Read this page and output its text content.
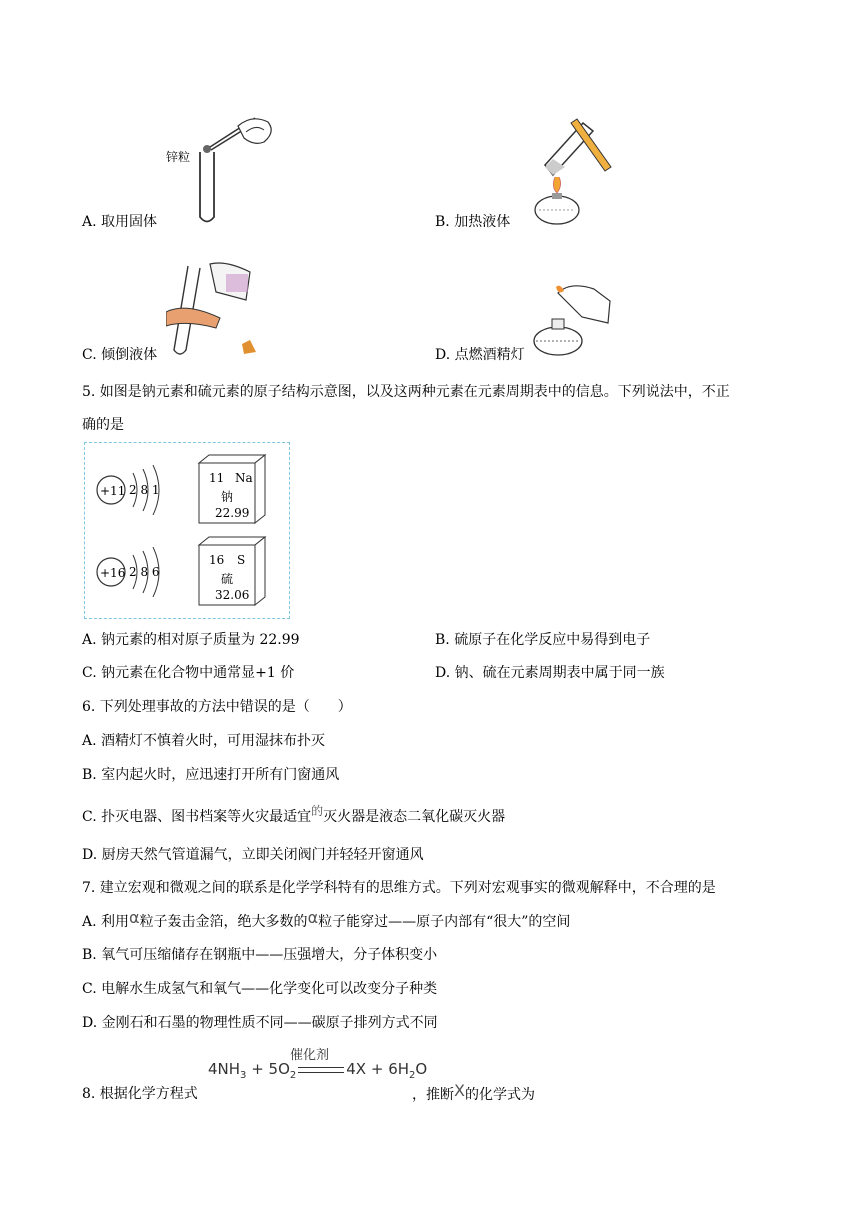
锌粒
A. 取用固体	B. 加热液体
C. 倾倒液体	D. 点燃酒精灯
5. 如图是钠元素和硫元素的原子结构示意图，以及这两种元素在元素周期表中的信息。下列说法中，不正
确的是
+11 2 8 1
11 Na
钠
22.99
+16 2 8 6
16 S
硫
32.06
A. 钠元素的相对原子质量为 22.99	B. 硫原子在化学反应中易得到电子
C. 钠元素在化合物中通常显+1 价	D. 钠、硫在元素周期表中属于同一族
6. 下列处理事故的方法中错误的是（　　）
A. 酒精灯不慎着火时，可用湿抹布扑灭
B. 室内起火时，应迅速打开所有门窗通风
C. 扑灭电器、图书档案等火灾最适宜的灭火器是液态二氧化碳灭火器
D. 厨房天然气管道漏气，立即关闭阀门并轻轻开窗通风
7. 建立宏观和微观之间的联系是化学学科特有的思维方式。下列对宏观事实的微观解释中，不合理的是
A. 利用α粒子轰击金箔，绝大多数的α粒子能穿过——原子内部有“很大”的空间
B. 氧气可压缩储存在钢瓶中——压强增大，分子体积变小
C. 电解水生成氢气和氧气——化学变化可以改变分子种类
D. 金刚石和石墨的物理性质不同——碳原子排列方式不同
催化剂
$4NH_3 + 5O_2$	$4X + 6H_2O$
8. 根据化学方程式	，推断X的化学式为
